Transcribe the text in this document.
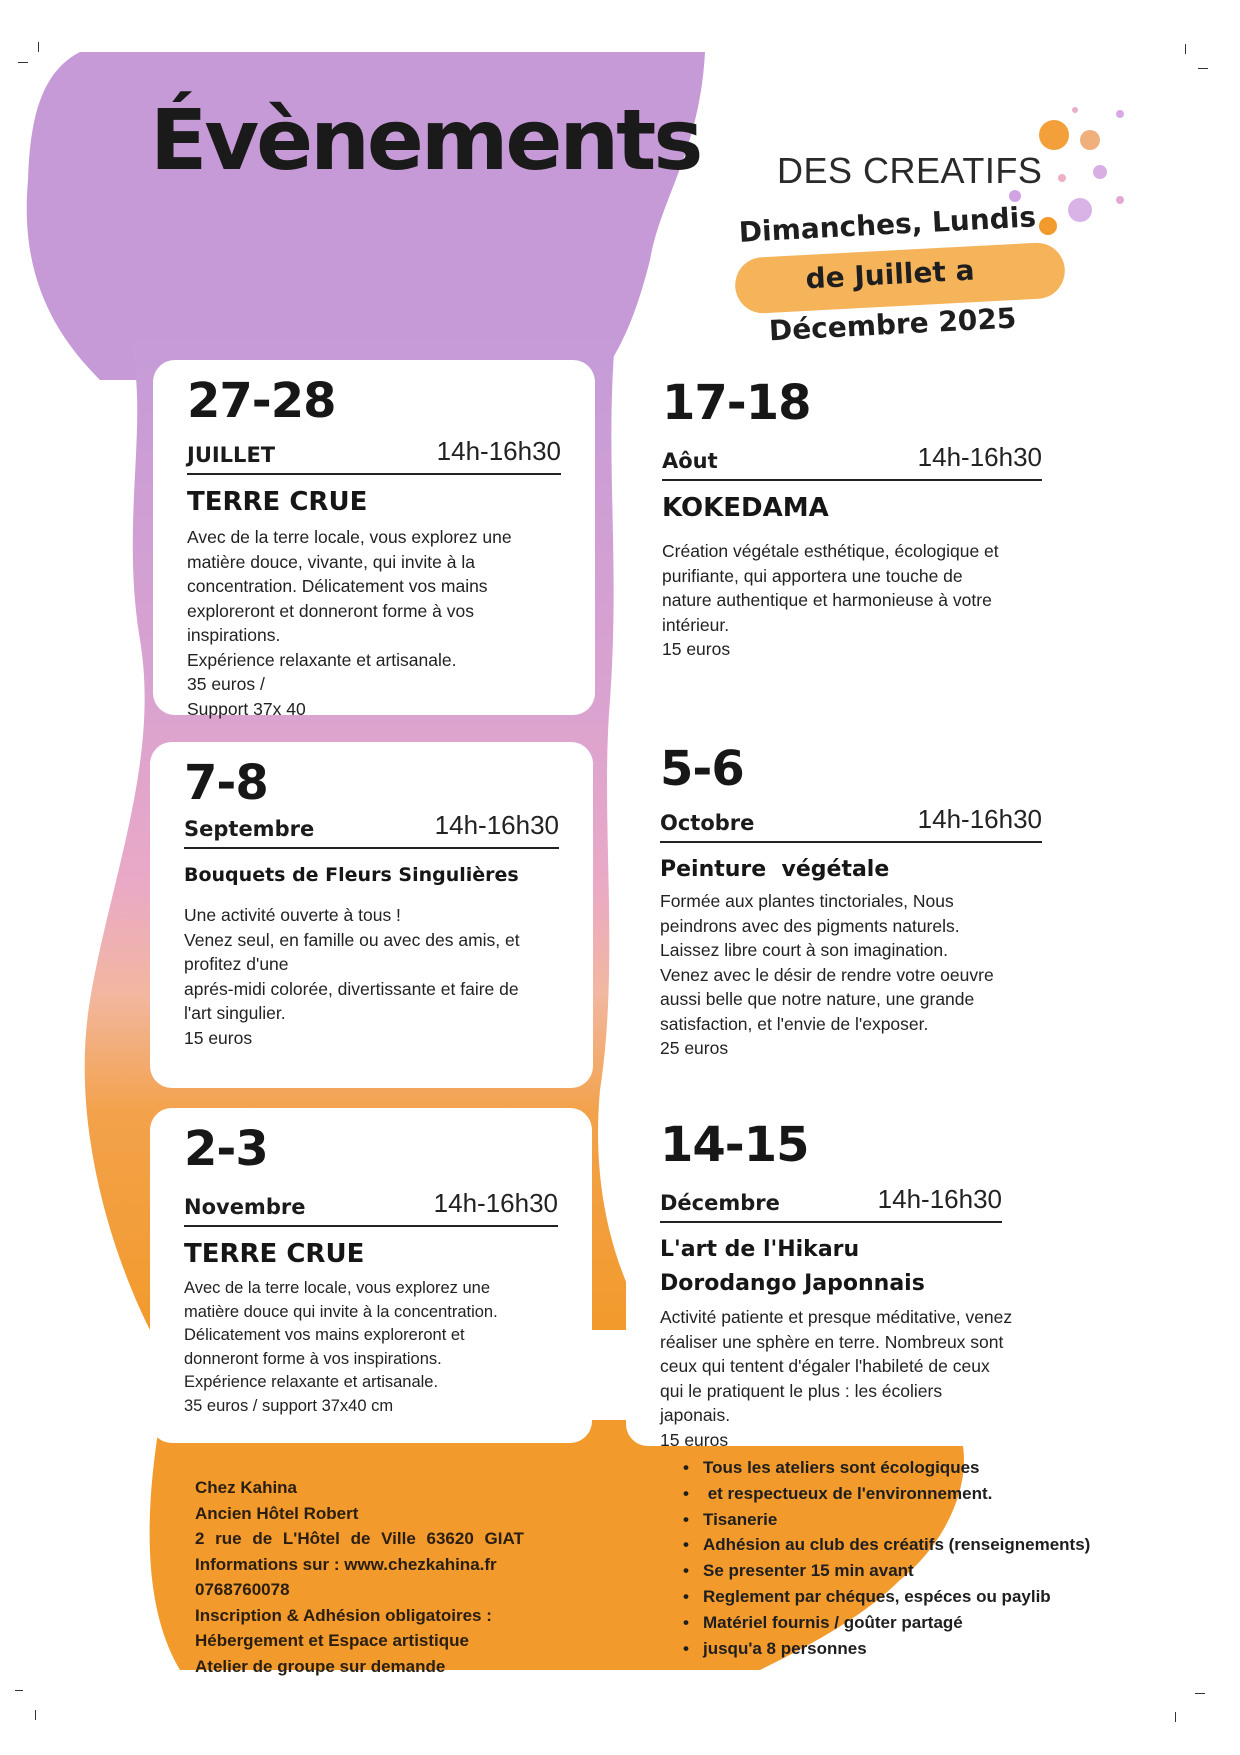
Évènements DES CREATIFS
Dimanches, Lundis
de Juillet a
Décembre 2025
27-28
JUILLET	14h-16h30
TERRE CRUE
Avec de la terre locale, vous explorez une
matière douce, vivante, qui invite à la
concentration. Délicatement vos mains
exploreront et donneront forme à vos
inspirations.
Expérience relaxante et artisanale.
35 euros /
Support 37x 40
17-18
Aôut	14h-16h30
KOKEDAMA
Création végétale esthétique, écologique et
purifiante, qui apportera une touche de
nature authentique et harmonieuse à votre
intérieur.
15 euros
7-8
Septembre	14h-16h30
Bouquets de Fleurs Singulières
Une activité ouverte à tous !
Venez seul, en famille ou avec des amis, et
profitez d'une
aprés-midi colorée, divertissante et faire de
l'art singulier.
15 euros
5-6
Octobre	14h-16h30
Peinture  végétale
Formée aux plantes tinctoriales, Nous
peindrons avec des pigments naturels.
Laissez libre court à son imagination.
Venez avec le désir de rendre votre oeuvre
aussi belle que notre nature, une grande
satisfaction, et l'envie de l'exposer.
25 euros
2-3
Novembre	14h-16h30
TERRE CRUE
Avec de la terre locale, vous explorez une
matière douce qui invite à la concentration.
Délicatement vos mains exploreront et
donneront forme à vos inspirations.
Expérience relaxante et artisanale.
35 euros / support 37x40 cm
14-15
Décembre	14h-16h30
L'art de l'Hikaru Dorodango Japonnais
Activité patiente et presque méditative, venez
réaliser une sphère en terre. Nombreux sont
ceux qui tentent d'égaler l'habileté de ceux
qui le pratiquent le plus : les écoliers
japonais.
15 euros
Chez Kahina
Ancien Hôtel Robert
2 rue de L'Hôtel de Ville 63620 GIAT
Informations sur : www.chezkahina.fr
0768760078
Inscription & Adhésion obligatoires :
Hébergement et Espace artistique
Atelier de groupe sur demande
• Tous les ateliers sont écologiques
• et respectueux de l'environnement.
• Tisanerie
• Adhésion au club des créatifs (renseignements)
• Se presenter 15 min avant
• Reglement par chéques, espéces ou paylib
• Matériel fournis / goûter partagé
• jusqu'a 8 personnes
